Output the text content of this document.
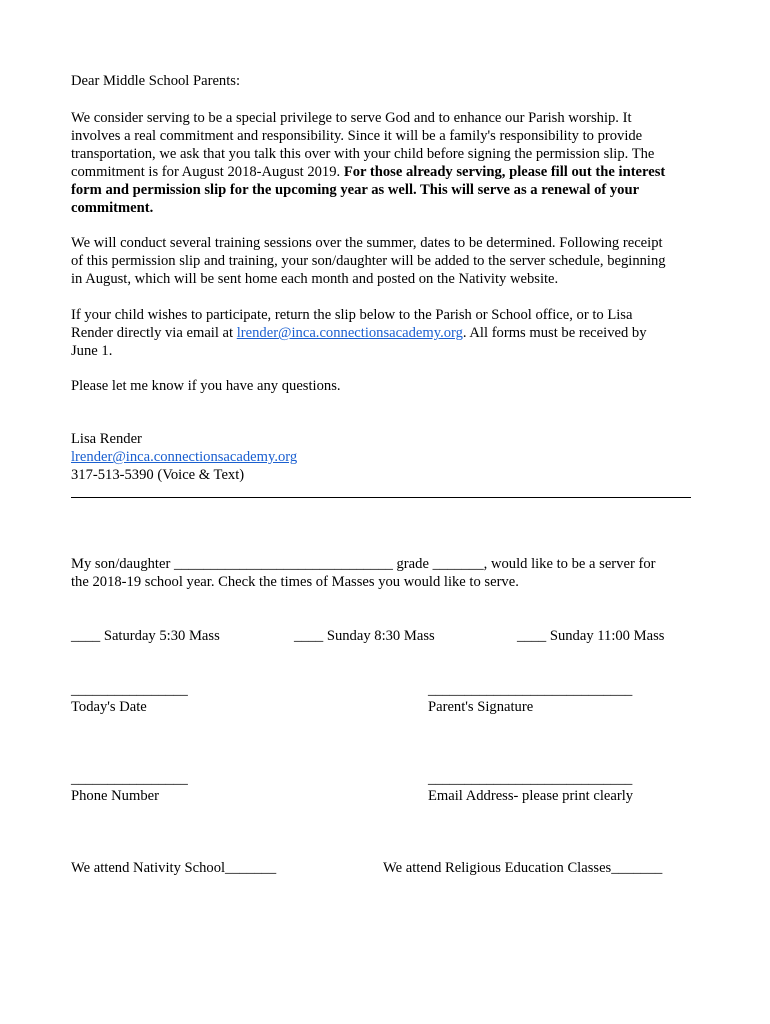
Dear Middle School Parents:
We consider serving to be a special privilege to serve God and to enhance our Parish worship. It
involves a real commitment and responsibility. Since it will be a family's responsibility to provide
transportation, we ask that you talk this over with your child before signing the permission slip. The
commitment is for August 2018-August 2019. For those already serving, please fill out the interest
form and permission slip for the upcoming year as well. This will serve as a renewal of your
commitment.
We will conduct several training sessions over the summer, dates to be determined. Following receipt
of this permission slip and training, your son/daughter will be added to the server schedule, beginning
in August, which will be sent home each month and posted on the Nativity website.
If your child wishes to participate, return the slip below to the Parish or School office, or to Lisa
Render directly via email at lrender@inca.connectionsacademy.org. All forms must be received by
June 1.
Please let me know if you have any questions.
Lisa Render
lrender@inca.connectionsacademy.org
317-513-5390 (Voice & Text)
My son/daughter ______________________________ grade _______, would like to be a server for
the 2018-19 school year. Check the times of Masses you would like to serve.
____ Saturday 5:30 Mass	____ Sunday 8:30 Mass	____ Sunday 11:00 Mass
________________
Today's Date
____________________________
Parent's Signature
________________
Phone Number
____________________________
Email Address- please print clearly
We attend Nativity School_______	We attend Religious Education Classes_______
